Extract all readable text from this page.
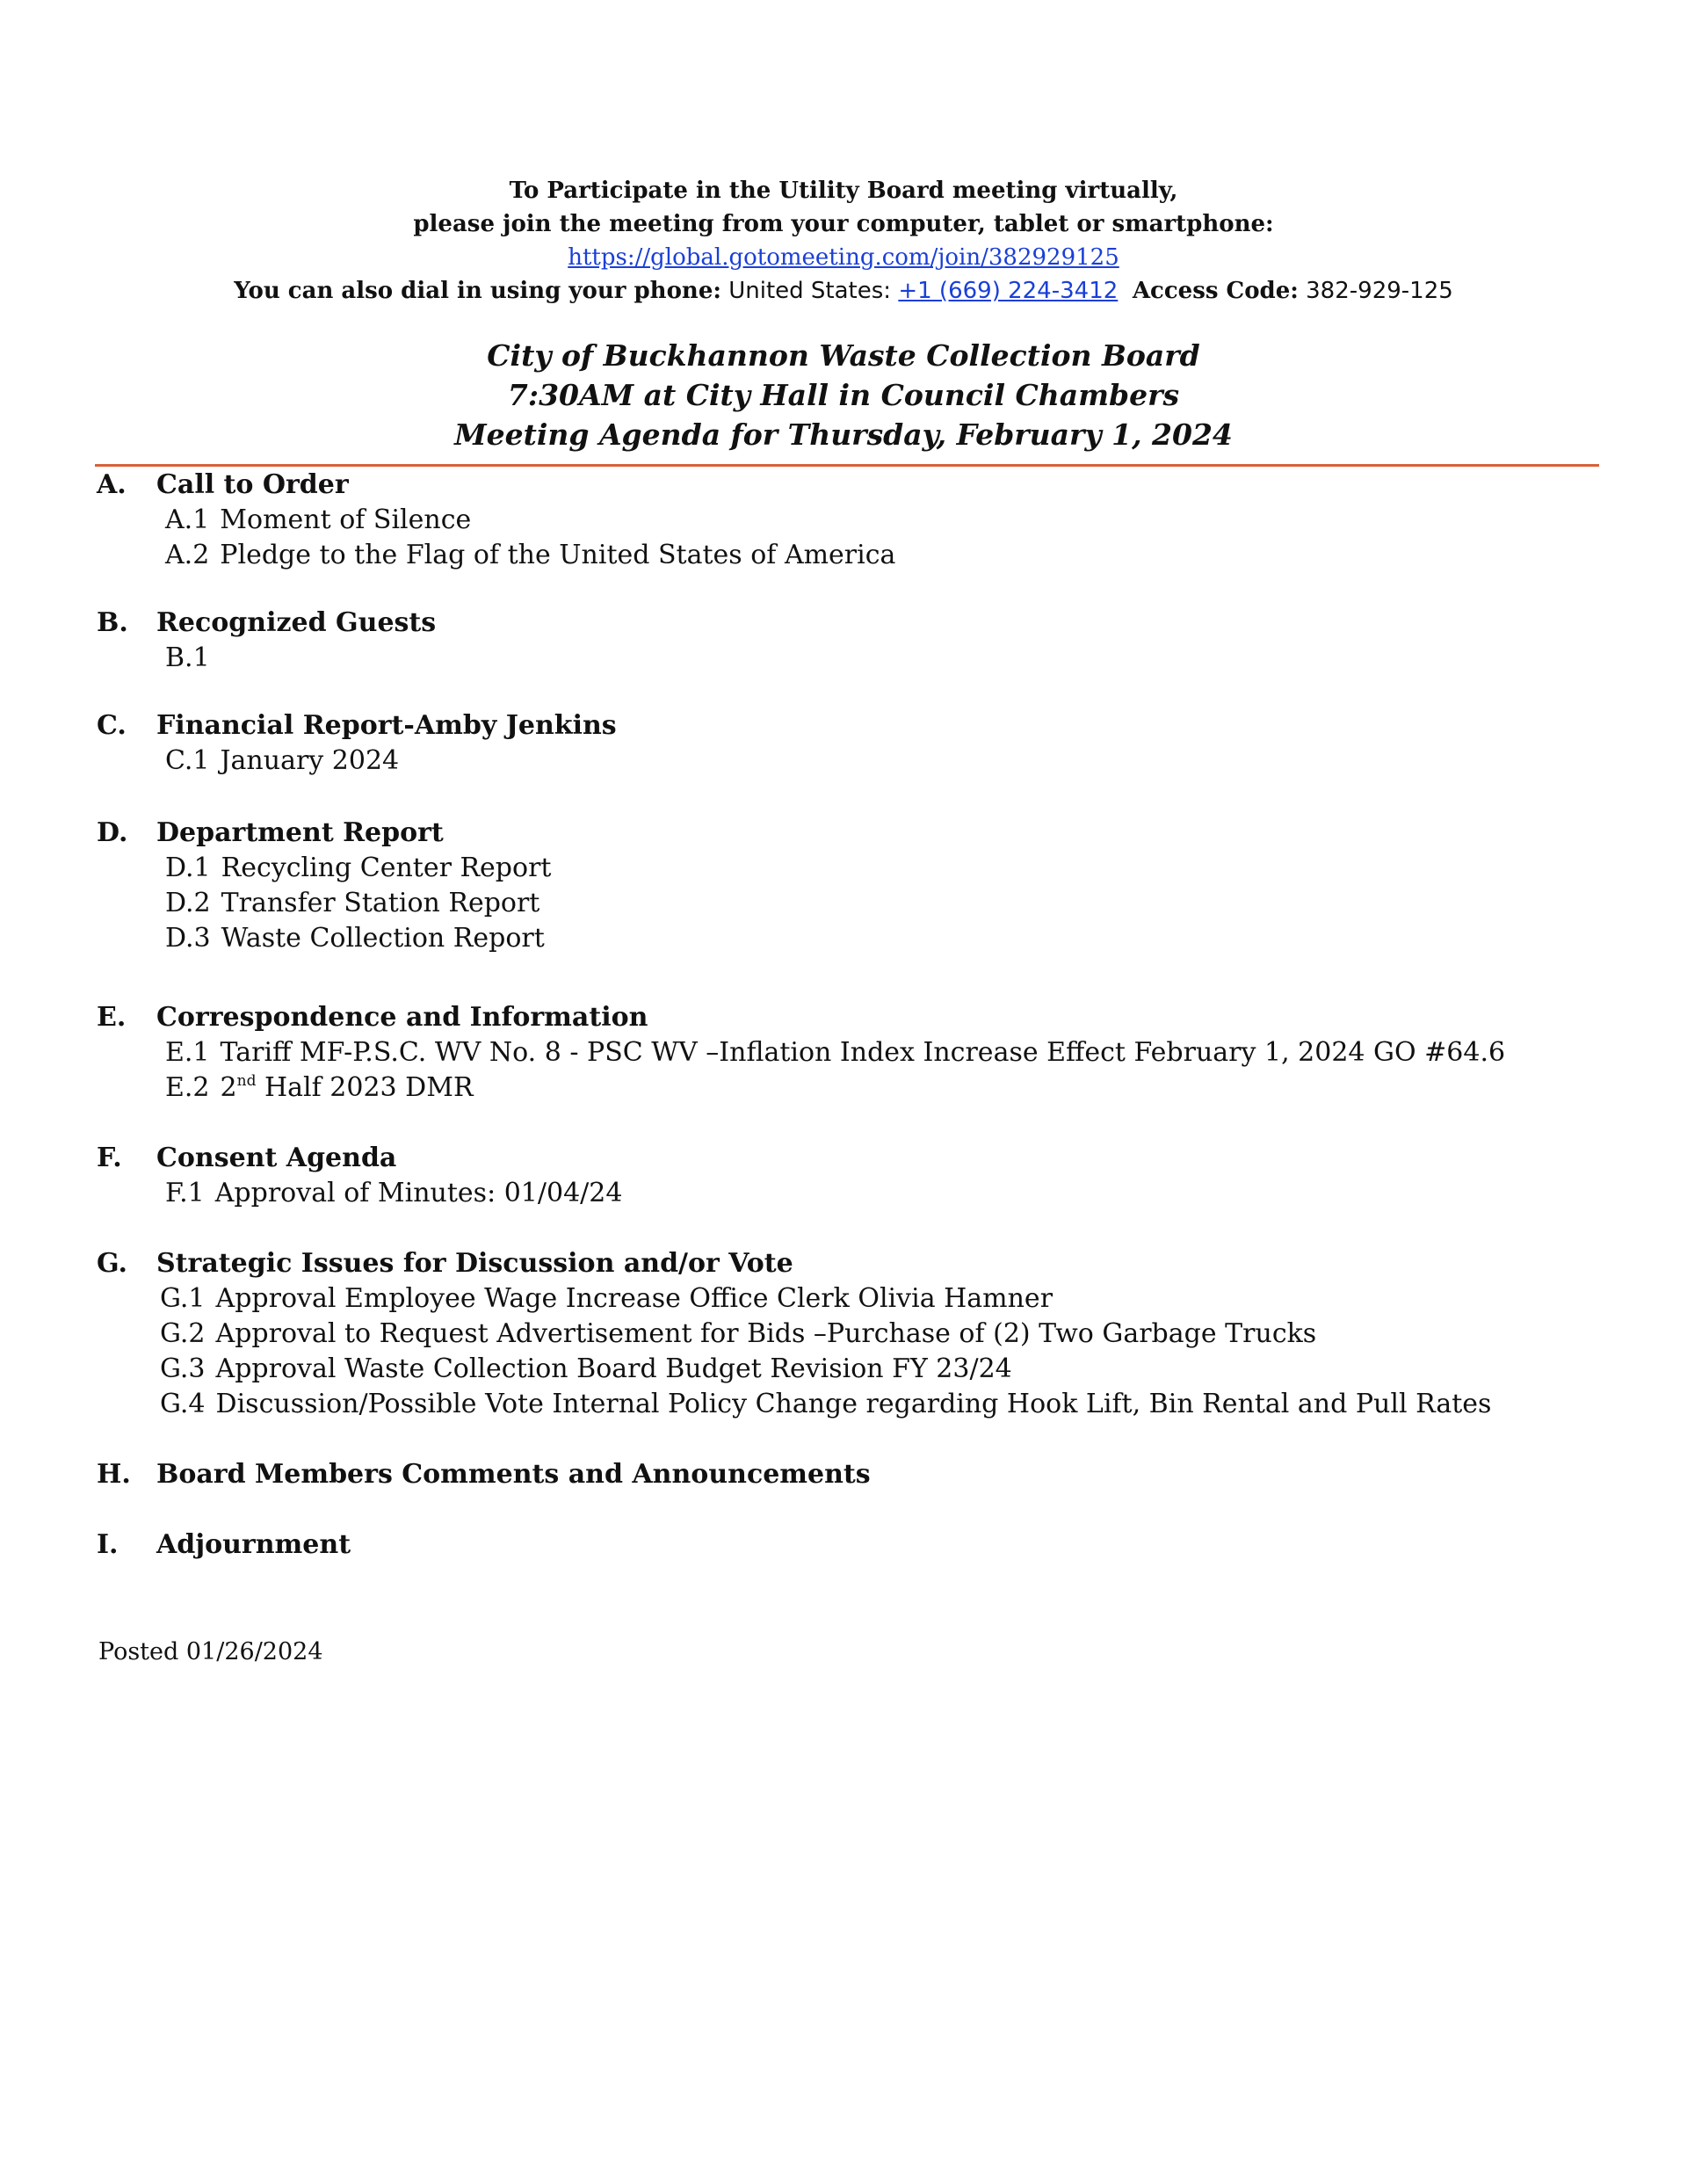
To Participate in the Utility Board meeting virtually,
please join the meeting from your computer, tablet or smartphone:
https://global.gotomeeting.com/join/382929125
You can also dial in using your phone: United States: +1 (669) 224-3412 Access Code: 382-929-125
City of Buckhannon Waste Collection Board
7:30AM at City Hall in Council Chambers
Meeting Agenda for Thursday, February 1, 2024
A. Call to Order
A.1 Moment of Silence
A.2 Pledge to the Flag of the United States of America
B. Recognized Guests
B.1
C. Financial Report-Amby Jenkins
C.1 January 2024
D. Department Report
D.1 Recycling Center Report
D.2 Transfer Station Report
D.3 Waste Collection Report
E. Correspondence and Information
E.1 Tariff MF-P.S.C. WV No. 8 - PSC WV –Inflation Index Increase Effect February 1, 2024 GO #64.6
E.2 2nd Half 2023 DMR
F. Consent Agenda
F.1 Approval of Minutes: 01/04/24
G. Strategic Issues for Discussion and/or Vote
G.1 Approval Employee Wage Increase Office Clerk Olivia Hamner
G.2 Approval to Request Advertisement for Bids –Purchase of (2) Two Garbage Trucks
G.3 Approval Waste Collection Board Budget Revision FY 23/24
G.4 Discussion/Possible Vote Internal Policy Change regarding Hook Lift, Bin Rental and Pull Rates
H. Board Members Comments and Announcements
I. Adjournment
Posted 01/26/2024
